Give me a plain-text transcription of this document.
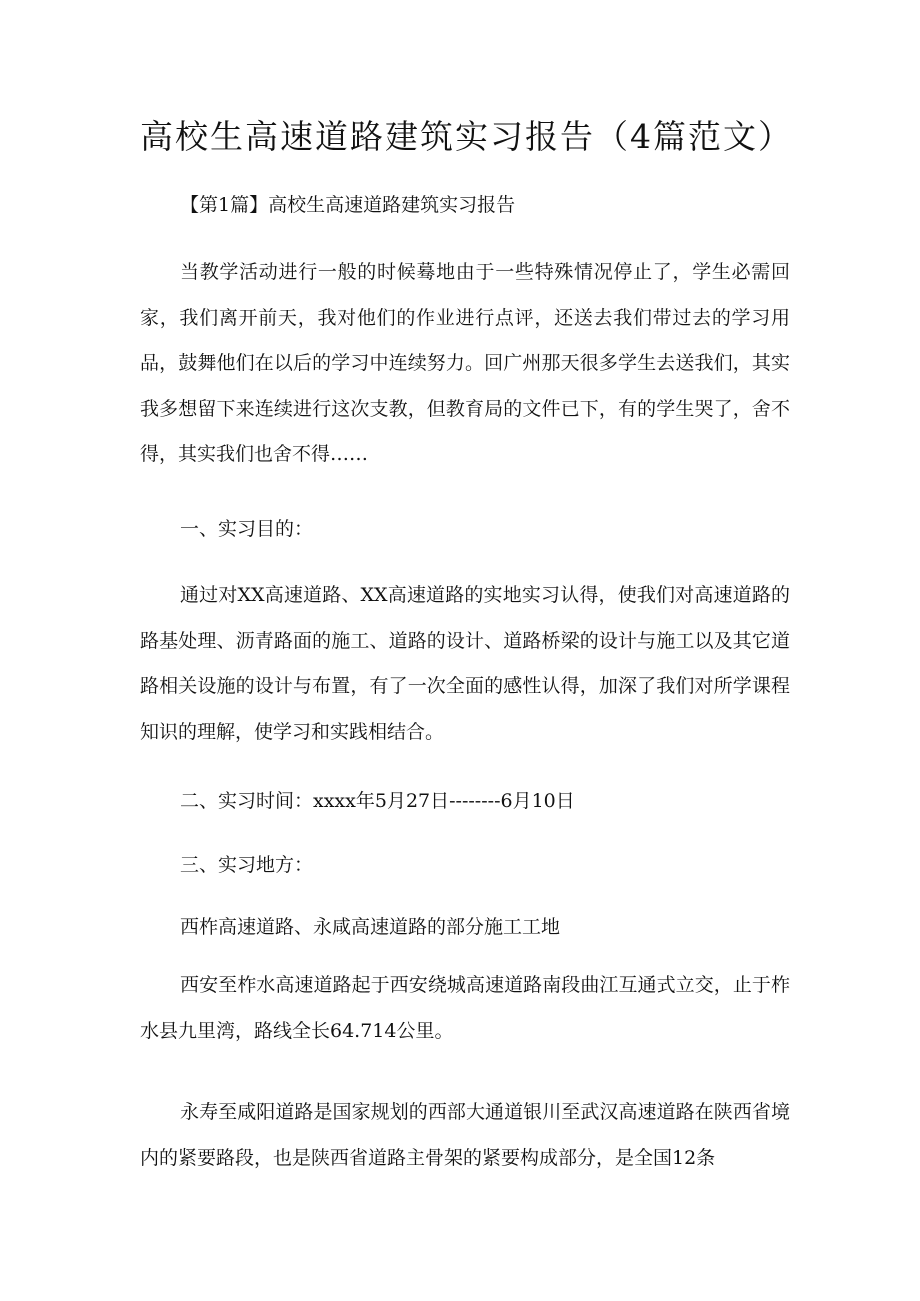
高校生高速道路建筑实习报告（4篇范文）

【第1篇】高校生高速道路建筑实习报告

当教学活动进行一般的时候蓦地由于一些特殊情况停止了，学生必需回家，我们离开前天，我对他们的作业进行点评，还送去我们带过去的学习用品，鼓舞他们在以后的学习中连续努力。回广州那天很多学生去送我们，其实我多想留下来连续进行这次支教，但教育局的文件已下，有的学生哭了，舍不得，其实我们也舍不得……

一、实习目的：

通过对XX高速道路、XX高速道路的实地实习认得，使我们对高速道路的路基处理、沥青路面的施工、道路的设计、道路桥梁的设计与施工以及其它道路相关设施的设计与布置，有了一次全面的感性认得，加深了我们对所学课程知识的理解，使学习和实践相结合。

二、实习时间：xxxx年5月27日--------6月10日

三、实习地方：

西柞高速道路、永咸高速道路的部分施工工地

西安至柞水高速道路起于西安绕城高速道路南段曲江互通式立交，止于柞水县九里湾，路线全长64.714公里。

永寿至咸阳道路是国家规划的西部大通道银川至武汉高速道路在陕西省境内的紧要路段，也是陕西省道路主骨架的紧要构成部分，是全国12条
